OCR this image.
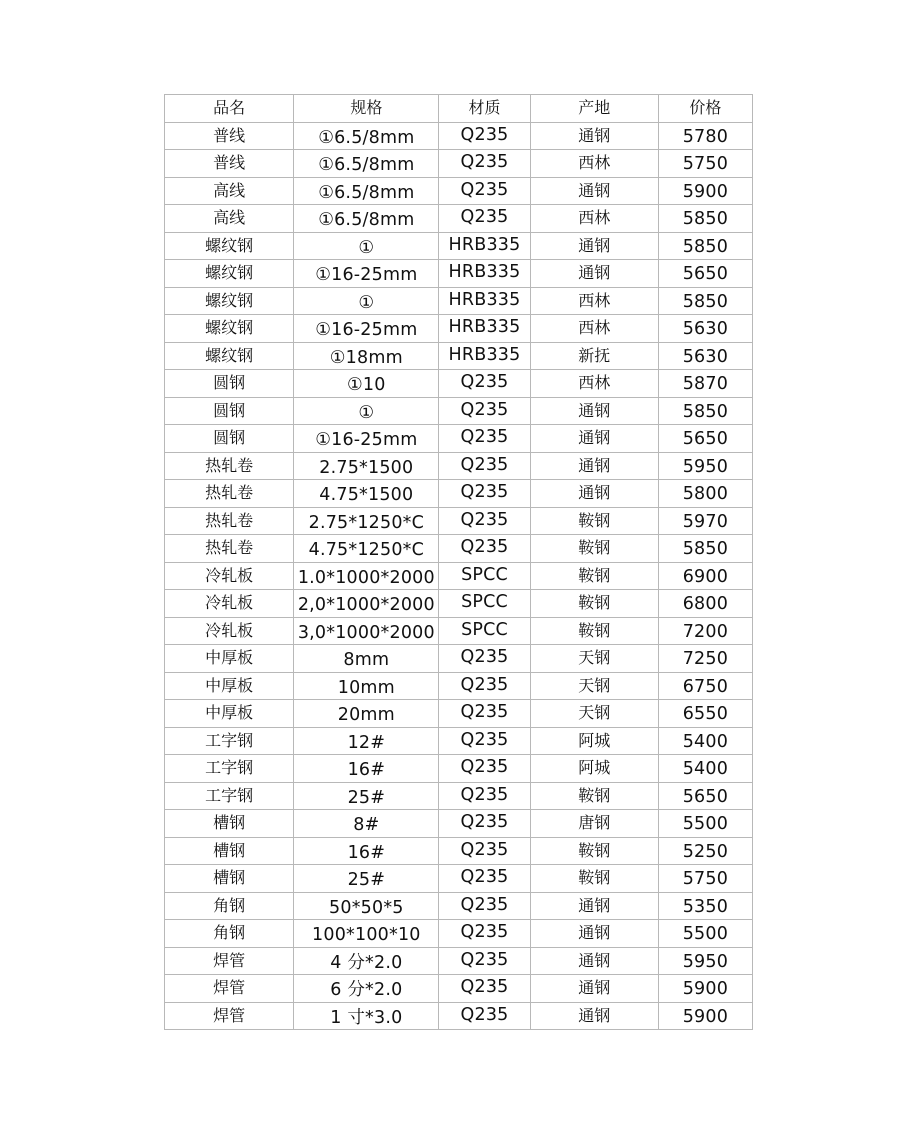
品名	规格	材质	产地	价格
普线	①6.5/8mm	Q235	通钢	5780
普线	①6.5/8mm	Q235	西林	5750
高线	①6.5/8mm	Q235	通钢	5900
高线	①6.5/8mm	Q235	西林	5850
螺纹钢	①	HRB335	通钢	5850
螺纹钢	①16-25mm	HRB335	通钢	5650
螺纹钢	①	HRB335	西林	5850
螺纹钢	①16-25mm	HRB335	西林	5630
螺纹钢	①18mm	HRB335	新抚	5630
圆钢	①10	Q235	西林	5870
圆钢	①	Q235	通钢	5850
圆钢	①16-25mm	Q235	通钢	5650
热轧卷	2.75*1500	Q235	通钢	5950
热轧卷	4.75*1500	Q235	通钢	5800
热轧卷	2.75*1250*C	Q235	鞍钢	5970
热轧卷	4.75*1250*C	Q235	鞍钢	5850
冷轧板	1.0*1000*2000	SPCC	鞍钢	6900
冷轧板	2,0*1000*2000	SPCC	鞍钢	6800
冷轧板	3,0*1000*2000	SPCC	鞍钢	7200
中厚板	8mm	Q235	天钢	7250
中厚板	10mm	Q235	天钢	6750
中厚板	20mm	Q235	天钢	6550
工字钢	12#	Q235	阿城	5400
工字钢	16#	Q235	阿城	5400
工字钢	25#	Q235	鞍钢	5650
槽钢	8#	Q235	唐钢	5500
槽钢	16#	Q235	鞍钢	5250
槽钢	25#	Q235	鞍钢	5750
角钢	50*50*5	Q235	通钢	5350
角钢	100*100*10	Q235	通钢	5500
焊管	4 分*2.0	Q235	通钢	5950
焊管	6 分*2.0	Q235	通钢	5900
焊管	1 寸*3.0	Q235	通钢	5900
